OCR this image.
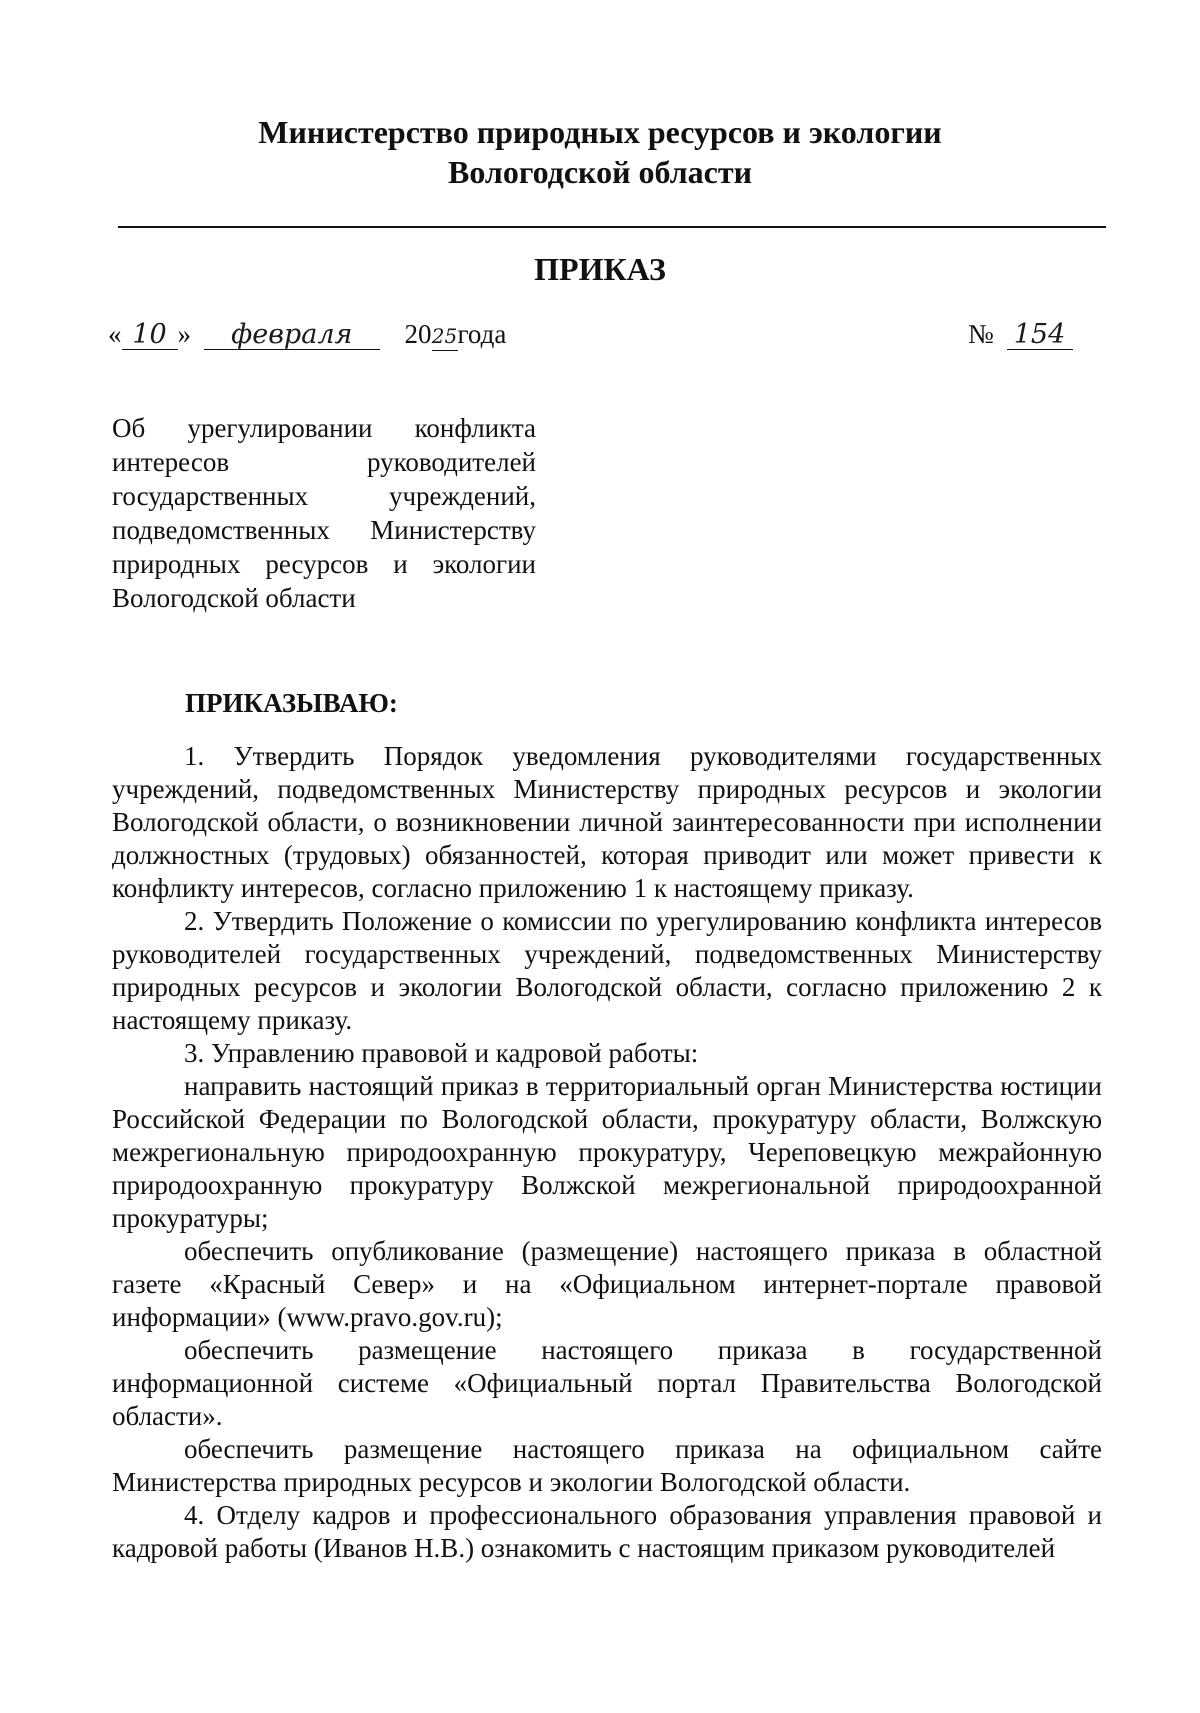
Министерство природных ресурсов и экологии
Вологодской области
ПРИКАЗ
« 10 » февраля 2025года	№ 154
Об урегулировании конфликта
интересов руководителей
государственных учреждений,
подведомственных Министерству
природных ресурсов и экологии
Вологодской области
ПРИКАЗЫВАЮ:

1. Утвердить Порядок уведомления руководителями государственных учреждений, подведомственных Министерству природных ресурсов и экологии Вологодской области, о возникновении личной заинтересованности при исполнении должностных (трудовых) обязанностей, которая приводит или может привести к конфликту интересов, согласно приложению 1 к настоящему приказу.

2. Утвердить Положение о комиссии по урегулированию конфликта интересов руководителей государственных учреждений, подведомственных Министерству природных ресурсов и экологии Вологодской области, согласно приложению 2 к настоящему приказу.

3. Управлению правовой и кадровой работы:

направить настоящий приказ в территориальный орган Министерства юстиции Российской Федерации по Вологодской области, прокуратуру области, Волжскую межрегиональную природоохранную прокуратуру, Череповецкую межрайонную природоохранную прокуратуру Волжской межрегиональной природоохранной прокуратуры;

обеспечить опубликование (размещение) настоящего приказа в областной газете «Красный Север» и на «Официальном интернет-портале правовой информации» (www.pravo.gov.ru);

обеспечить размещение настоящего приказа в государственной информационной системе «Официальный портал Правительства Вологодской области».

обеспечить размещение настоящего приказа на официальном сайте Министерства природных ресурсов и экологии Вологодской области.

4. Отделу кадров и профессионального образования управления правовой и кадровой работы (Иванов Н.В.) ознакомить с настоящим приказом руководителей
